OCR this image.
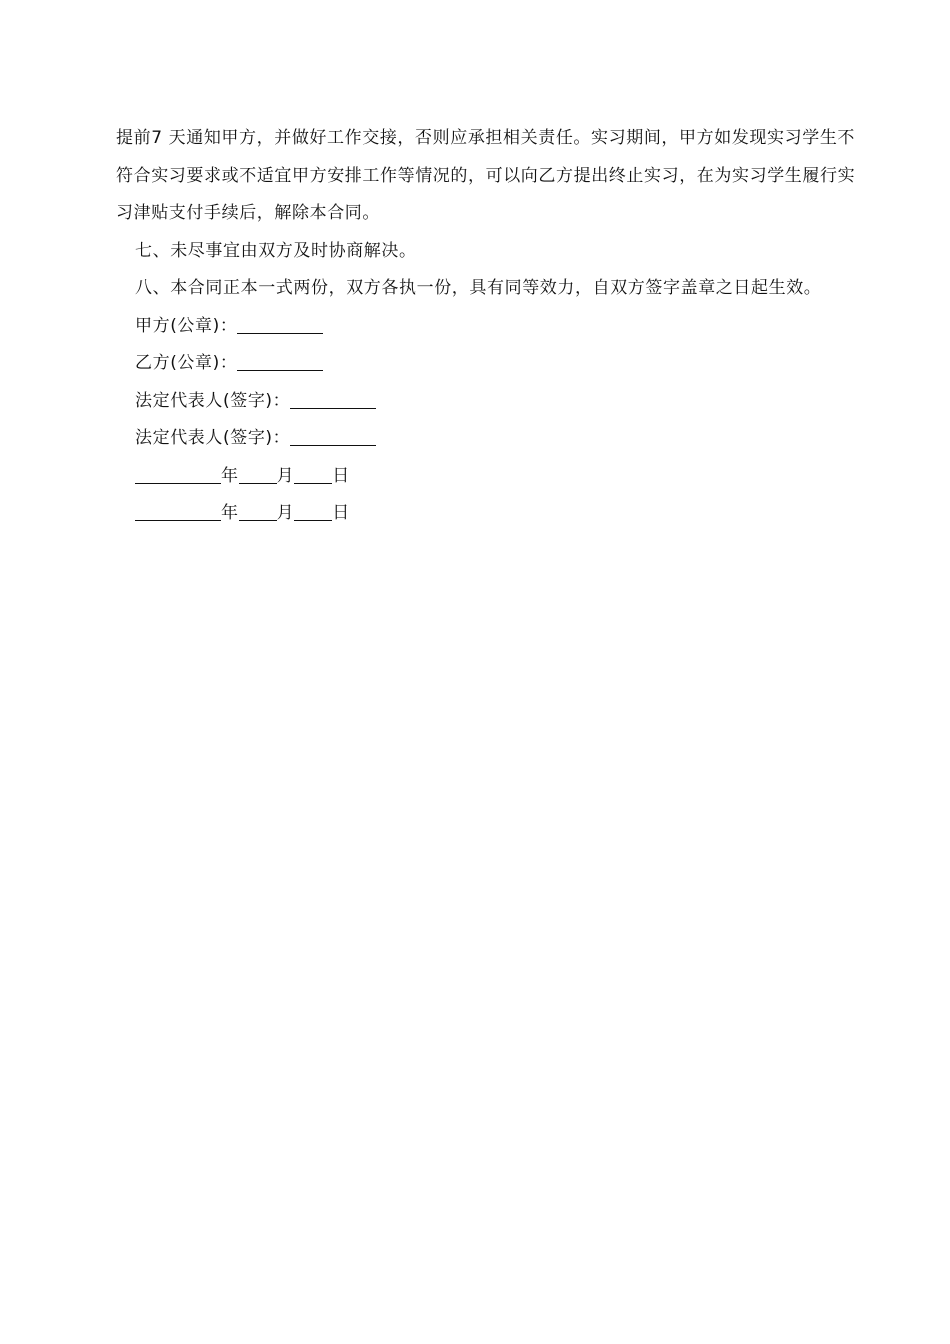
提前7 天通知甲方，并做好工作交接，否则应承担相关责任。实习期间，甲方如发现实习学生不符合实习要求或不适宜甲方安排工作等情况的，可以向乙方提出终止实习，在为实习学生履行实习津贴支付手续后，解除本合同。

七、未尽事宜由双方及时协商解决。

八、本合同正本一式两份，双方各执一份，具有同等效力，自双方签字盖章之日起生效。

甲方(公章)：
乙方(公章)：
法定代表人(签字)：
法定代表人(签字)：
年 月 日
年 月 日
